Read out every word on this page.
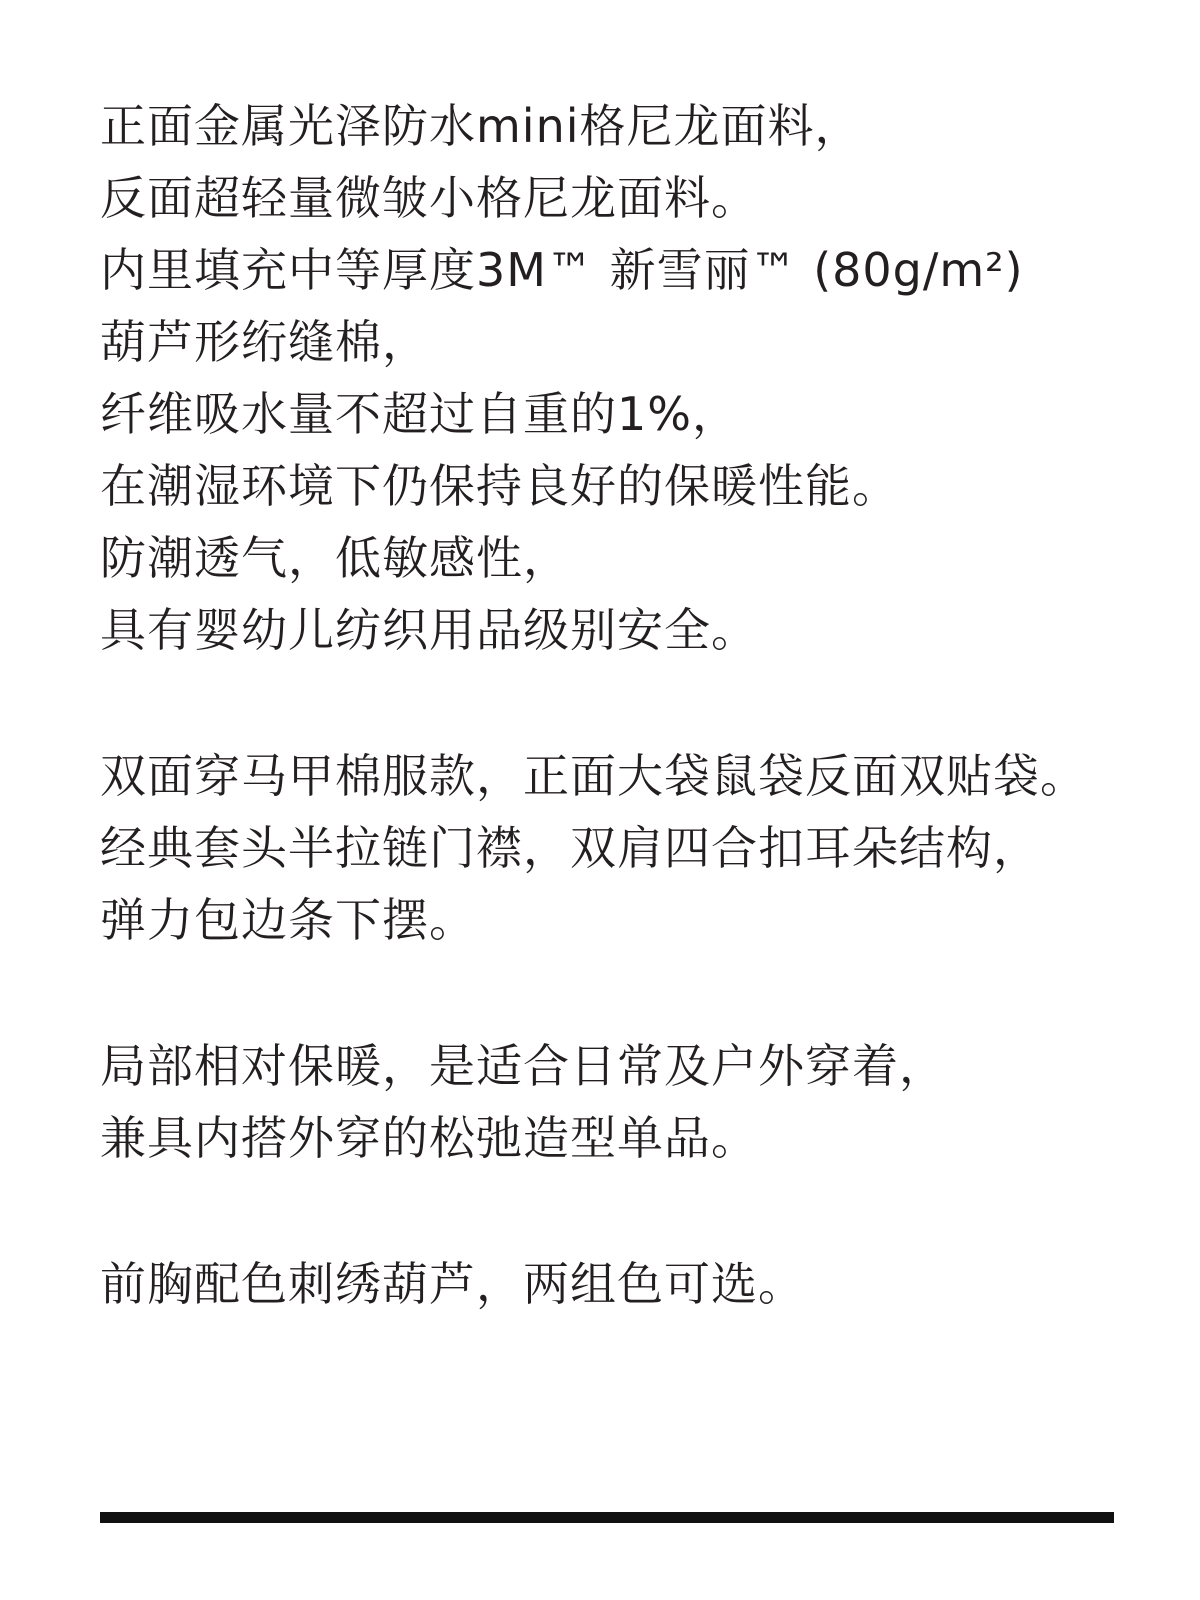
正面金属光泽防水mini格尼龙面料，
反面超轻量微皱小格尼龙面料。
内里填充中等厚度3M™ 新雪丽™ (80g/m²)
葫芦形绗缝棉，
纤维吸水量不超过自重的1%，
在潮湿环境下仍保持良好的保暖性能。
防潮透气，低敏感性，
具有婴幼儿纺织用品级别安全。
双面穿马甲棉服款，正面大袋鼠袋反面双贴袋。
经典套头半拉链门襟，双肩四合扣耳朵结构，
弹力包边条下摆。
局部相对保暖，是适合日常及户外穿着，
兼具内搭外穿的松弛造型单品。
前胸配色刺绣葫芦，两组色可选。
